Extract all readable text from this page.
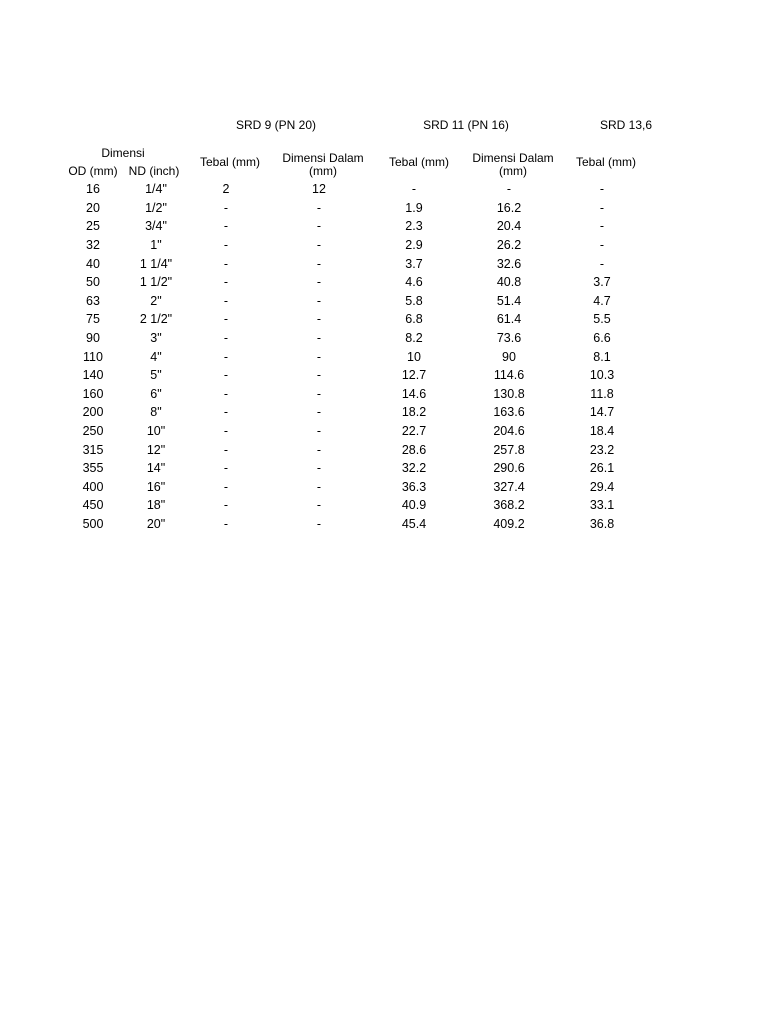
SRD 9 (PN 20)	SRD 11 (PN 16)	SRD 13,6
Dimensi
OD (mm) ND (inch)
Tebal (mm)	Dimensi Dalam
(mm)
Tebal (mm)	Dimensi Dalam
(mm)
Tebal (mm)
16	1/4"	2	12	-	-	-
20	1/2"	-	-	1.9	16.2	-
25	3/4"	-	-	2.3	20.4	-
32	1"	-	-	2.9	26.2	-
40	1 1/4"	-	-	3.7	32.6	-
50	1 1/2"	-	-	4.6	40.8	3.7
63	2"	-	-	5.8	51.4	4.7
75	2 1/2"	-	-	6.8	61.4	5.5
90	3"	-	-	8.2	73.6	6.6
110	4"	-	-	10	90	8.1
140	5"	-	-	12.7	114.6	10.3
160	6"	-	-	14.6	130.8	11.8
200	8"	-	-	18.2	163.6	14.7
250	10"	-	-	22.7	204.6	18.4
315	12"	-	-	28.6	257.8	23.2
355	14"	-	-	32.2	290.6	26.1
400	16"	-	-	36.3	327.4	29.4
450	18"	-	-	40.9	368.2	33.1
500	20"	-	-	45.4	409.2	36.8
